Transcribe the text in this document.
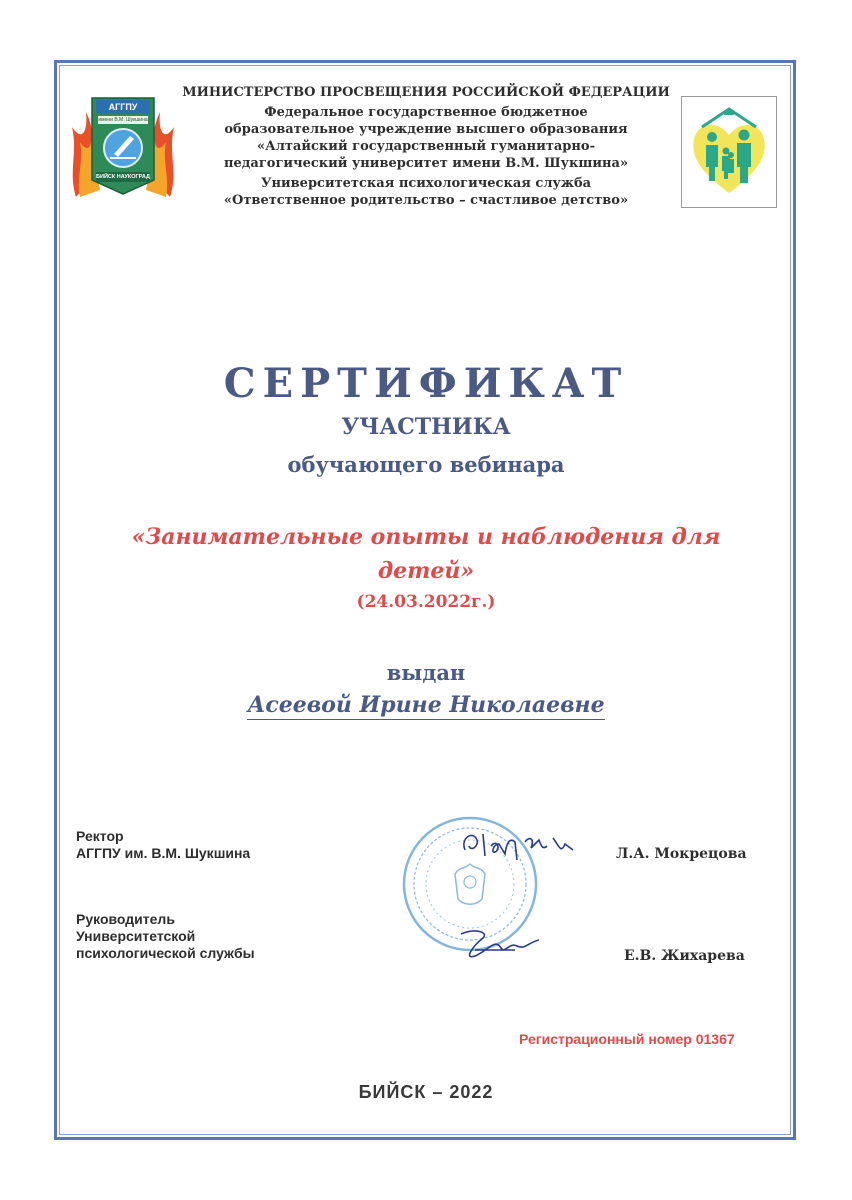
АГГПУ
имени В.М. Шукшина
БИЙСК НАУКОГРАД
МИНИСТЕРСТВО ПРОСВЕЩЕНИЯ РОССИЙСКОЙ ФЕДЕРАЦИИ
Федеральное государственное бюджетное
образовательное учреждение высшего образования
«Алтайский государственный гуманитарно-
педагогический университет имени В.М. Шукшина»
Университетская психологическая служба
«Ответственное родительство – счастливое детство»
СЕРТИФИКАТ
УЧАСТНИКА
обучающего вебинара
«Занимательные опыты и наблюдения для
детей»
(24.03.2022г.)
выдан
Асеевой Ирине Николаевне
Ректор
АГГПУ им. В.М. Шукшина	Л.А. Мокрецова
Руководитель
Университетской
психологической службы	Е.В. Жихарева
Регистрационный номер 01367
БИЙСК – 2022
